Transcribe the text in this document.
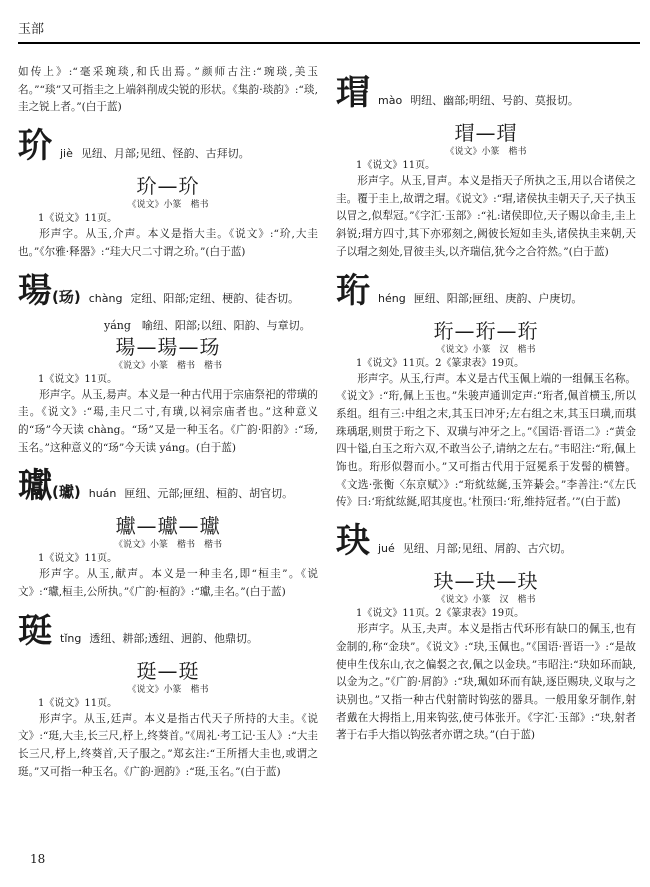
玉部

如传上》:“毫采琬琰,和氏出焉。”颜师古注:“琬琰,美玉名。”“琰”又可指圭之上端斜削成尖锐的形状。《集韵·琰韵》:“琰,圭之锐上者。”(白于蓝)

玠 jiè 见纽、月部;见纽、怪韵、古拜切。
玠—玠
《说文》小篆　楷书
1《说文》11页。

形声字。从玉,介声。本义是指大圭。《说文》:“玠,大圭也。”《尔雅·释器》:“珪大尺二寸谓之玠。”(白于蓝)

瑒(玚) chàng 定纽、阳部;定纽、梗韵、徒杏切。
yáng　喻纽、阳部;以纽、阳韵、与章切。
瑒—瑒—玚
《说文》小篆　楷书　楷书
1《说文》11页。

形声字。从玉,昜声。本义是一种古代用于宗庙祭祀的带璜的圭。《说文》:“瑒,圭尺二寸,有璜,以祠宗庙者也。”这种意义的“玚”今天读 chàng。“玚”又是一种玉名。《广韵·阳韵》:“玚,玉名。”这种意义的“玚”今天读 yáng。(白于蓝)

瓛(瓛) huán 匣纽、元部;匣纽、桓韵、胡官切。
瓛—瓛—瓛
《说文》小篆　楷书　楷书
1《说文》11页。

形声字。从玉,献声。本义是一种圭名,即“桓圭”。《说文》:“瓛,桓圭,公所执。”《广韵·桓韵》:“瓛,圭名。”(白于蓝)

珽 tǐng 透纽、耕部;透纽、迥韵、他鼎切。
珽—珽
《说文》小篆　楷书
1《说文》11页。

形声字。从玉,廷声。本义是指古代天子所持的大圭。《说文》:“珽,大圭,长三尺,杼上,终葵首。”《周礼·考工记·玉人》:“大圭长三尺,杼上,终葵首,天子服之。”郑玄注:“王所搢大圭也,或谓之珽。”又可指一种玉名。《广韵·迥韵》:“珽,玉名。”(白于蓝)

瑁 mào 明纽、幽部;明纽、号韵、莫报切。
瑁—瑁
《说文》小篆　楷书
1《说文》11页。

形声字。从玉,冒声。本义是指天子所执之玉,用以合诸侯之圭。覆于圭上,故谓之瑁。《说文》:“瑁,诸侯执圭朝天子,天子执玉以冒之,似犁冠。”《字汇·玉部》:“礼:诸侯即位,天子赐以命圭,圭上斜锐;瑁方四寸,其下亦邪刻之,阙彼长短如圭头,诸侯执圭来朝,天子以瑁之刻处,冒彼圭头,以齐瑞信,犹今之合符然。”(白于蓝)

珩 héng 匣纽、阳部;匣纽、庚韵、户庚切。
珩—珩—珩
《说文》小篆　汉　楷书
1《说文》11页。2《篆隶表》19页。

形声字。从玉,行声。本义是古代玉佩上端的一组佩玉名称。《说文》:“珩,佩上玉也。”朱骏声通训定声:“珩者,佩首横玉,所以系组。组有三:中组之末,其玉曰冲牙;左右组之末,其玉曰璜,而琪珠瑀琚,则贯于珩之下、双璜与冲牙之上。”《国语·晋语二》:“黄金四十镒,白玉之珩六双,不敢当公子,请纳之左右。”韦昭注:“珩,佩上饰也。珩形似磬而小。”又可指古代用于冠冕系于发髻的横簪。《文选·张衡〈东京赋〉》:“珩紞纮綖,玉笄綦会。”李善注:“《左氏传》曰:‘珩紞纮綖,昭其度也。’杜预曰:‘珩,维持冠者。’”(白于蓝)

玦 jué 见纽、月部;见纽、屑韵、古穴切。
玦—玦—玦
《说文》小篆　汉　楷书
1《说文》11页。2《篆隶表》19页。

形声字。从玉,夬声。本义是指古代环形有缺口的佩玉,也有金制的,称“金玦”。《说文》:“玦,玉佩也。”《国语·晋语一》:“是故使申生伐东山,衣之偏裻之衣,佩之以金玦。”韦昭注:“玦如环而缺,以金为之。”《广韵·屑韵》:“玦,珮如环而有缺,逐臣赐玦,义取与之诀别也。”又指一种古代射箭时钩弦的器具。一般用象牙制作,射者戴在大拇指上,用来钩弦,使弓体张开。《字汇·玉部》:“玦,射者著于右手大指以钩弦者亦谓之玦。”(白于蓝)

18
